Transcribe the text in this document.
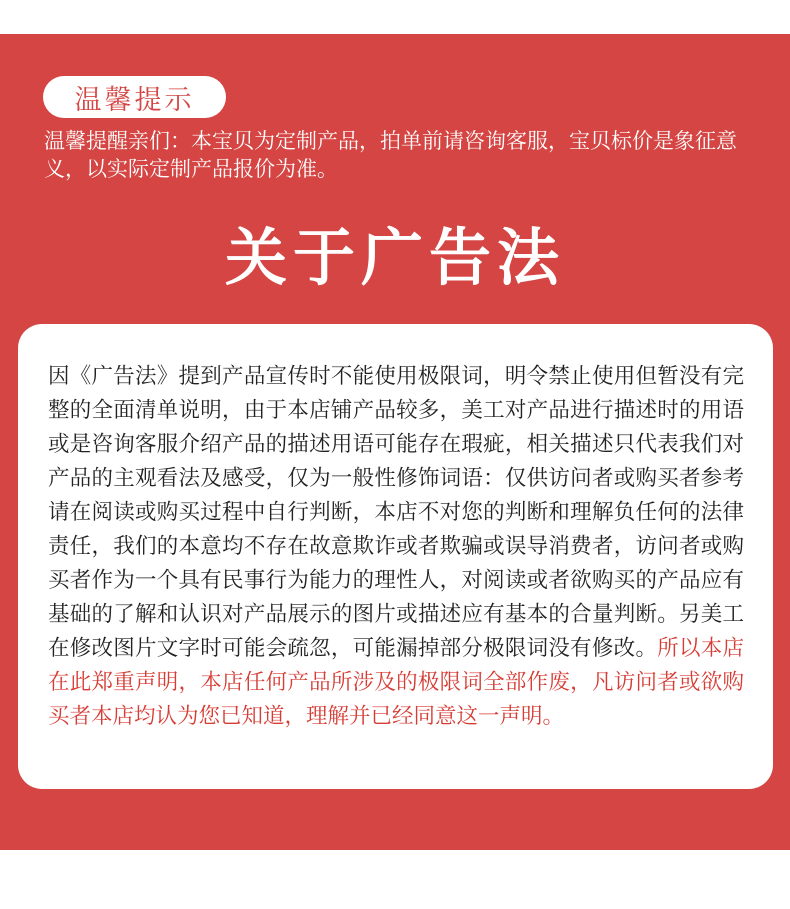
温馨提示
温馨提醒亲们：本宝贝为定制产品，拍单前请咨询客服，宝贝标价是象征意义，以实际定制产品报价为准。
关于广告法
因《广告法》提到产品宣传时不能使用极限词，明令禁止使用但暂没有完整的全面清单说明，由于本店铺产品较多，美工对产品进行描述时的用语或是咨询客服介绍产品的描述用语可能存在瑕疵，相关描述只代表我们对产品的主观看法及感受，仅为一般性修饰词语：仅供访问者或购买者参考请在阅读或购买过程中自行判断，本店不对您的判断和理解负任何的法律责任，我们的本意均不存在故意欺诈或者欺骗或误导消费者，访问者或购买者作为一个具有民事行为能力的理性人，对阅读或者欲购买的产品应有基础的了解和认识对产品展示的图片或描述应有基本的合量判断。另美工在修改图片文字时可能会疏忽，可能漏掉部分极限词没有修改。所以本店在此郑重声明，本店任何产品所涉及的极限词全部作废，凡访问者或欲购买者本店均认为您已知道，理解并已经同意这一声明。
